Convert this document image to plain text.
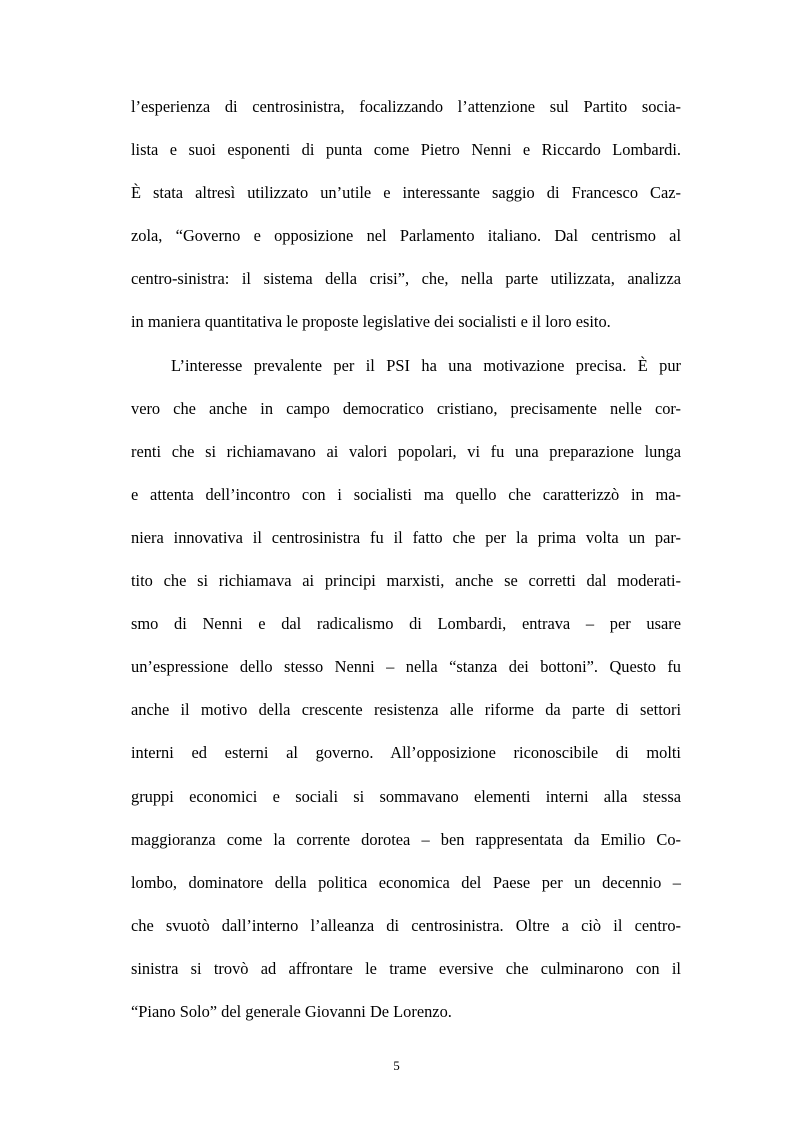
l’esperienza di centrosinistra, focalizzando l’attenzione sul Partito socia-
lista e suoi esponenti di punta come Pietro Nenni e Riccardo Lombardi.
È stata altresì utilizzato un’utile e interessante saggio di Francesco Caz-
zola, “Governo e opposizione nel Parlamento italiano. Dal centrismo al
centro-sinistra: il sistema della crisi”, che, nella parte utilizzata, analizza
in maniera quantitativa le proposte legislative dei socialisti e il loro esito.
L’interesse prevalente per il PSI ha una motivazione precisa. È pur
vero che anche in campo democratico cristiano, precisamente nelle cor-
renti che si richiamavano ai valori popolari, vi fu una preparazione lunga
e attenta dell’incontro con i socialisti ma quello che caratterizzò in ma-
niera innovativa il centrosinistra fu il fatto che per la prima volta un par-
tito che si richiamava ai principi marxisti, anche se corretti dal moderati-
smo di Nenni e dal radicalismo di Lombardi, entrava – per usare
un’espressione dello stesso Nenni – nella “stanza dei bottoni”. Questo fu
anche il motivo della crescente resistenza alle riforme da parte di settori
interni ed esterni al governo. All’opposizione riconoscibile di molti
gruppi economici e sociali si sommavano elementi interni alla stessa
maggioranza come la corrente dorotea – ben rappresentata da Emilio Co-
lombo, dominatore della politica economica del Paese per un decennio –
che svuotò dall’interno l’alleanza di centrosinistra. Oltre a ciò il centro-
sinistra si trovò ad affrontare le trame eversive che culminarono con il
“Piano Solo” del generale Giovanni De Lorenzo.
5
